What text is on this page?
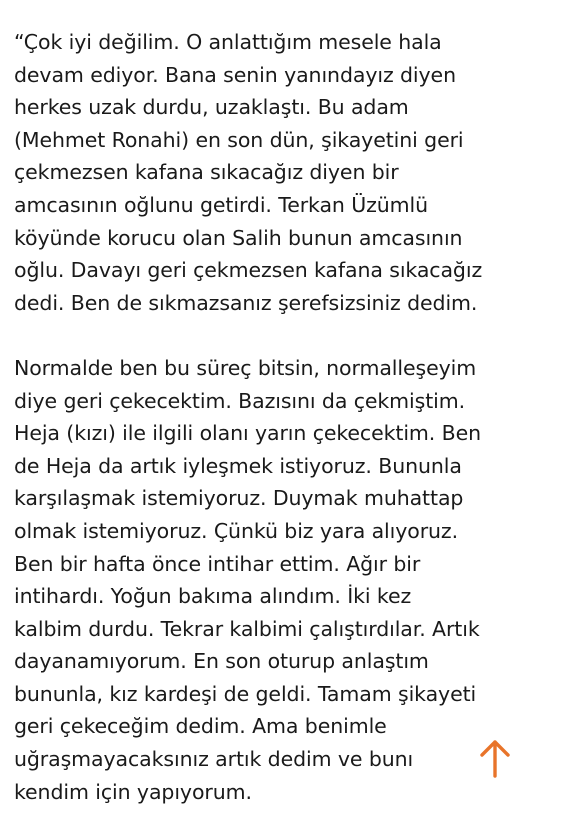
“Çok iyi değilim. O anlattığım mesele hala
devam ediyor. Bana senin yanındayız diyen
herkes uzak durdu, uzaklaştı. Bu adam
(Mehmet Ronahi) en son dün, şikayetini geri
çekmezsen kafana sıkacağız diyen bir
amcasının oğlunu getirdi. Terkan Üzümlü
köyünde korucu olan Salih bunun amcasının
oğlu. Davayı geri çekmezsen kafana sıkacağız
dedi. Ben de sıkmazsanız şerefsizsiniz dedim.
Normalde ben bu süreç bitsin, normalleşeyim
diye geri çekecektim. Bazısını da çekmiştim.
Heja (kızı) ile ilgili olanı yarın çekecektim. Ben
de Heja da artık iyleşmek istiyoruz. Bununla
karşılaşmak istemiyoruz. Duymak muhattap
olmak istemiyoruz. Çünkü biz yara alıyoruz.
Ben bir hafta önce intihar ettim. Ağır bir
intihardı. Yoğun bakıma alındım. İki kez
kalbim durdu. Tekrar kalbimi çalıştırdılar. Artık
dayanamıyorum. En son oturup anlaştım
bununla, kız kardeşi de geldi. Tamam şikayeti
geri çekeceğim dedim. Ama benimle
uğraşmayacaksınız artık dedim ve bunı
kendim için yapıyorum.
